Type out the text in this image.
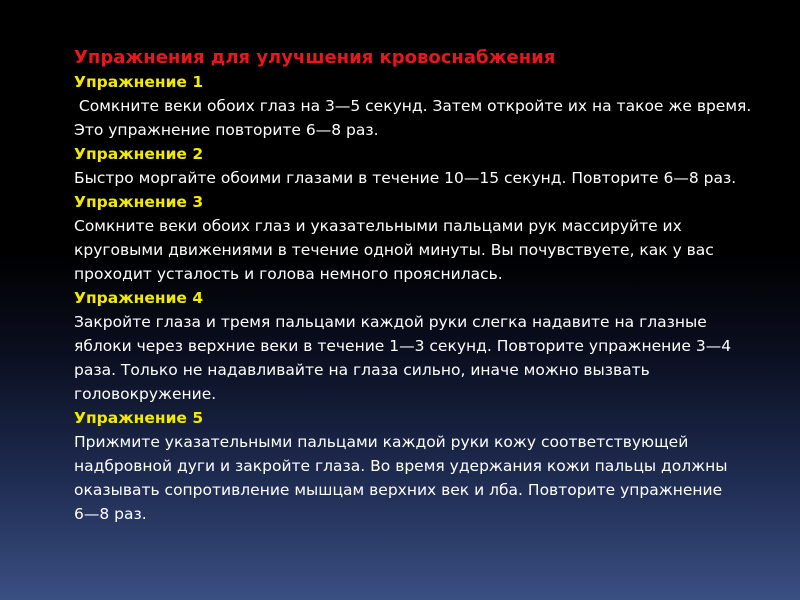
Упражнения для улучшения кровоснабжения
Упражнение 1
Сомкните веки обоих глаз на 3—5 секунд. Затем откройте их на такое же время.
Это упражнение повторите 6—8 раз.
Упражнение 2
Быстро моргайте обоими глазами в течение 10—15 секунд. Повторите 6—8 раз.
Упражнение 3
Сомкните веки обоих глаз и указательными пальцами рук массируйте их
круговыми движениями в течение одной минуты. Вы почувствуете, как у вас
проходит усталость и голова немного прояснилась.
Упражнение 4
Закройте глаза и тремя пальцами каждой руки слегка надавите на глазные
яблоки через верхние веки в течение 1—3 секунд. Повторите упражнение 3—4
раза. Только не надавливайте на глаза сильно, иначе можно вызвать
головокружение.
Упражнение 5
Прижмите указательными пальцами каждой руки кожу соответствующей
надбровной дуги и закройте глаза. Во время удержания кожи пальцы должны
оказывать сопротивление мышцам верхних век и лба. Повторите упражнение
6—8 раз.
